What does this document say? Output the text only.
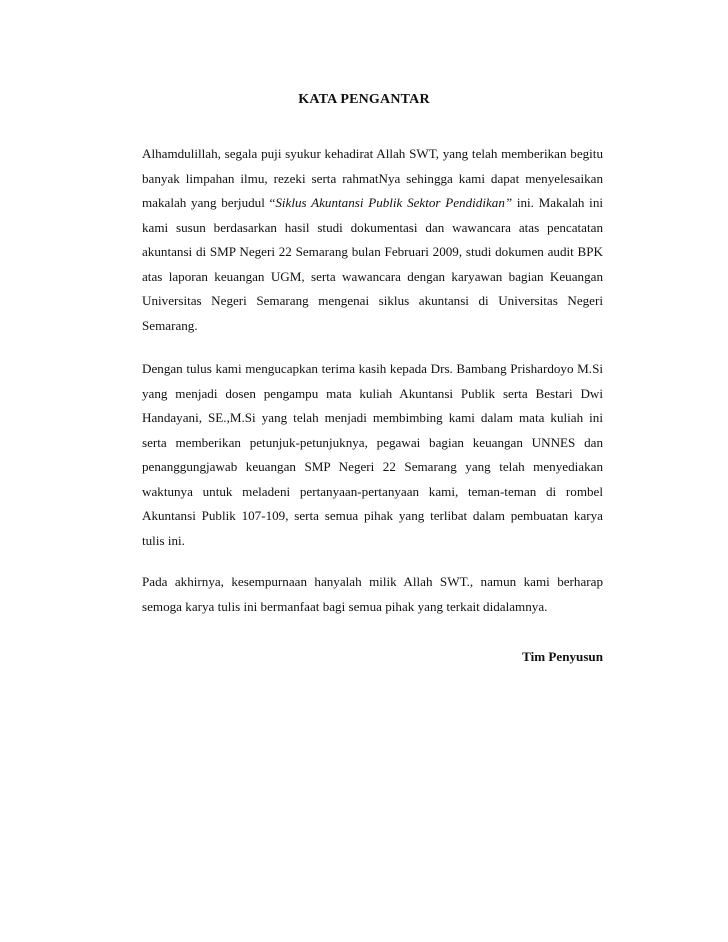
KATA PENGANTAR

Alhamdulillah, segala puji syukur kehadirat Allah SWT, yang telah memberikan begitu banyak limpahan ilmu, rezeki serta rahmatNya sehingga kami dapat menyelesaikan makalah yang berjudul “Siklus Akuntansi Publik Sektor Pendidikan” ini. Makalah ini kami susun berdasarkan hasil studi dokumentasi dan wawancara atas pencatatan akuntansi di SMP Negeri 22 Semarang bulan Februari 2009, studi dokumen audit BPK atas laporan keuangan UGM, serta wawancara dengan karyawan bagian Keuangan Universitas Negeri Semarang mengenai siklus akuntansi di Universitas Negeri Semarang.

Dengan tulus kami mengucapkan terima kasih kepada Drs. Bambang Prishardoyo M.Si yang menjadi dosen pengampu mata kuliah Akuntansi Publik serta Bestari Dwi Handayani, SE.,M.Si yang telah menjadi membimbing kami dalam mata kuliah ini serta memberikan petunjuk-petunjuknya, pegawai bagian keuangan UNNES dan penanggungjawab keuangan SMP Negeri 22 Semarang yang telah menyediakan waktunya untuk meladeni pertanyaan-pertanyaan kami, teman-teman di rombel Akuntansi Publik 107-109, serta semua pihak yang terlibat dalam pembuatan karya tulis ini.

Pada akhirnya, kesempurnaan hanyalah milik Allah SWT., namun kami berharap semoga karya tulis ini bermanfaat bagi semua pihak yang terkait didalamnya.

Tim Penyusun
